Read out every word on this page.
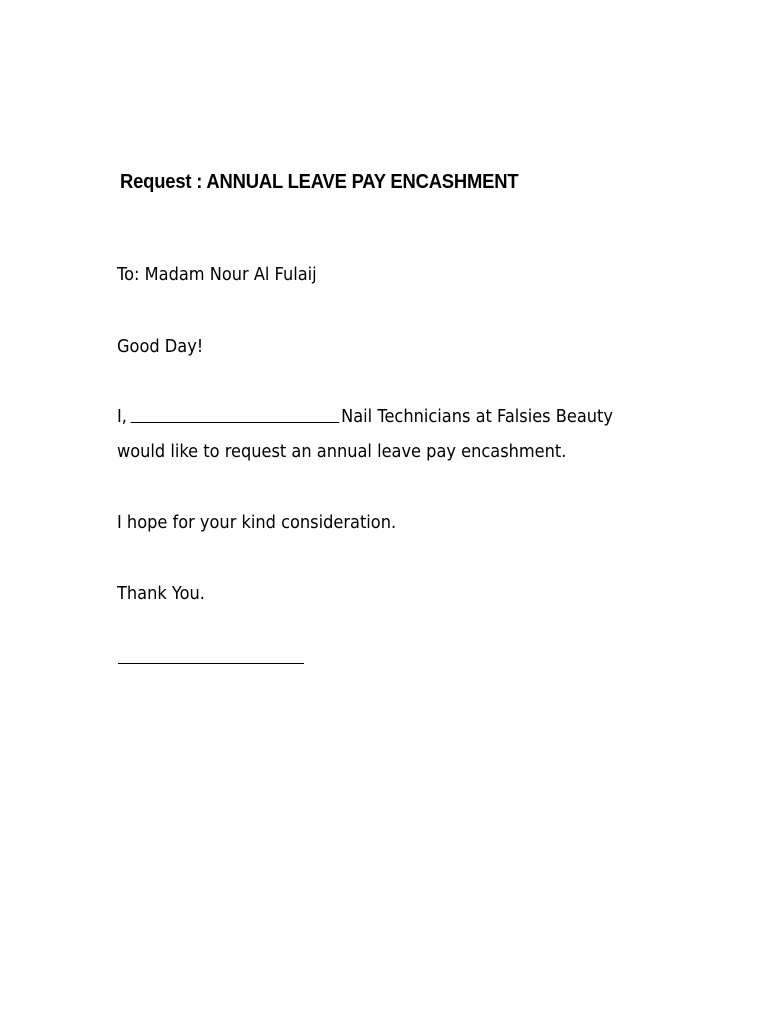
Request : ANNUAL LEAVE PAY ENCASHMENT
To: Madam Nour Al Fulaij
Good Day!
I,	Nail Technicians at Falsies Beauty
would like to request an annual leave pay encashment.
I hope for your kind consideration.
Thank You.
